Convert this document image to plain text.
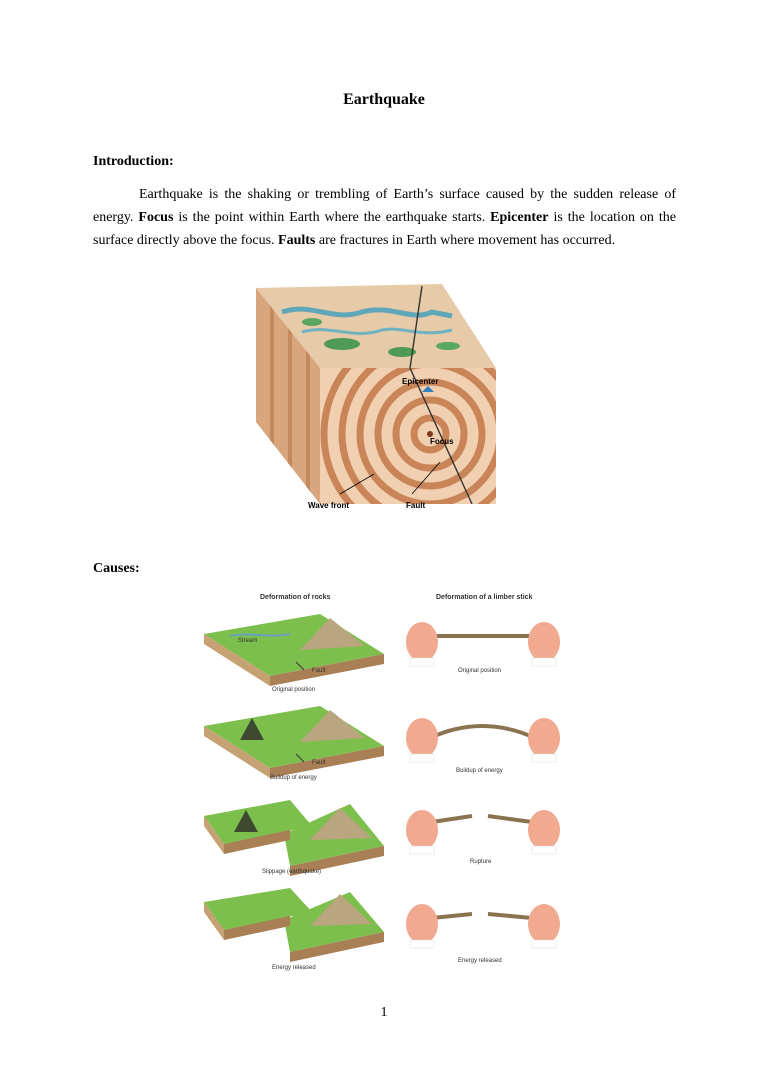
Earthquake
Introduction:
Earthquake is the shaking or trembling of Earth’s surface caused by the sudden release of energy. Focus is the point within Earth where the earthquake starts. Epicenter is the location on the surface directly above the focus. Faults are fractures in Earth where movement has occurred.
Epicenter
Focus
Wave front	Fault
Causes:
Deformation of rocks	Deformation of a limber stick
Stream
Fault
Original position
Original position
Fault
Buildup of energy
Buildup of energy
Slippage (earthquake)
Rupture
Energy released
Energy released
1
